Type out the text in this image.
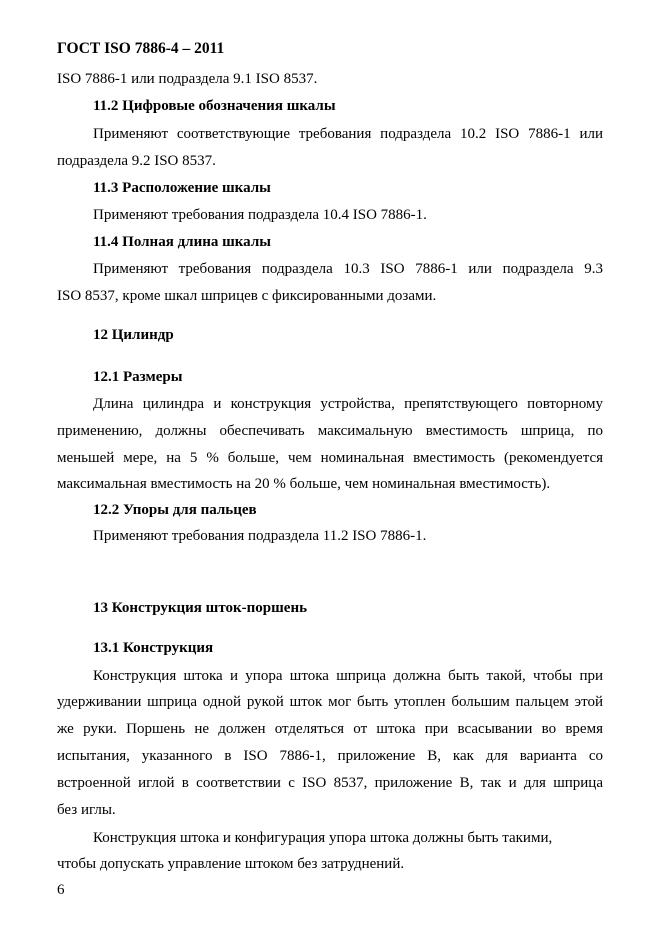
ГОСТ ISO 7886-4 – 2011
ISO 7886-1 или подраздела 9.1 ISO 8537.
11.2 Цифровые обозначения шкалы
Применяют соответствующие требования подраздела 10.2 ISO 7886-1 или
подраздела 9.2 ISO 8537.
11.3 Расположение шкалы
Применяют требования подраздела 10.4 ISO 7886-1.
11.4 Полная длина шкалы
Применяют требования подраздела 10.3 ISO 7886-1 или подраздела 9.3
ISO 8537, кроме шкал шприцев с фиксированными дозами.
12 Цилиндр
12.1 Размеры
Длина цилиндра и конструкция устройства, препятствующего повторному
применению, должны обеспечивать максимальную вместимость шприца, по
меньшей мере, на 5 % больше, чем номинальная вместимость (рекомендуется
максимальная вместимость на 20 % больше, чем номинальная вместимость).
12.2 Упоры для пальцев
Применяют требования подраздела 11.2 ISO 7886-1.
13 Конструкция шток-поршень
13.1 Конструкция
Конструкция штока и упора штока шприца должна быть такой, чтобы при
удерживании шприца одной рукой шток мог быть утоплен большим пальцем этой
же руки. Поршень не должен отделяться от штока при всасывании во время
испытания, указанного в ISO 7886-1, приложение В, как для варианта со
встроенной иглой в соответствии с ISO 8537, приложение В, так и для шприца
без иглы.
Конструкция штока и конфигурация упора штока должны быть такими,
чтобы допускать управление штоком без затруднений.
6
